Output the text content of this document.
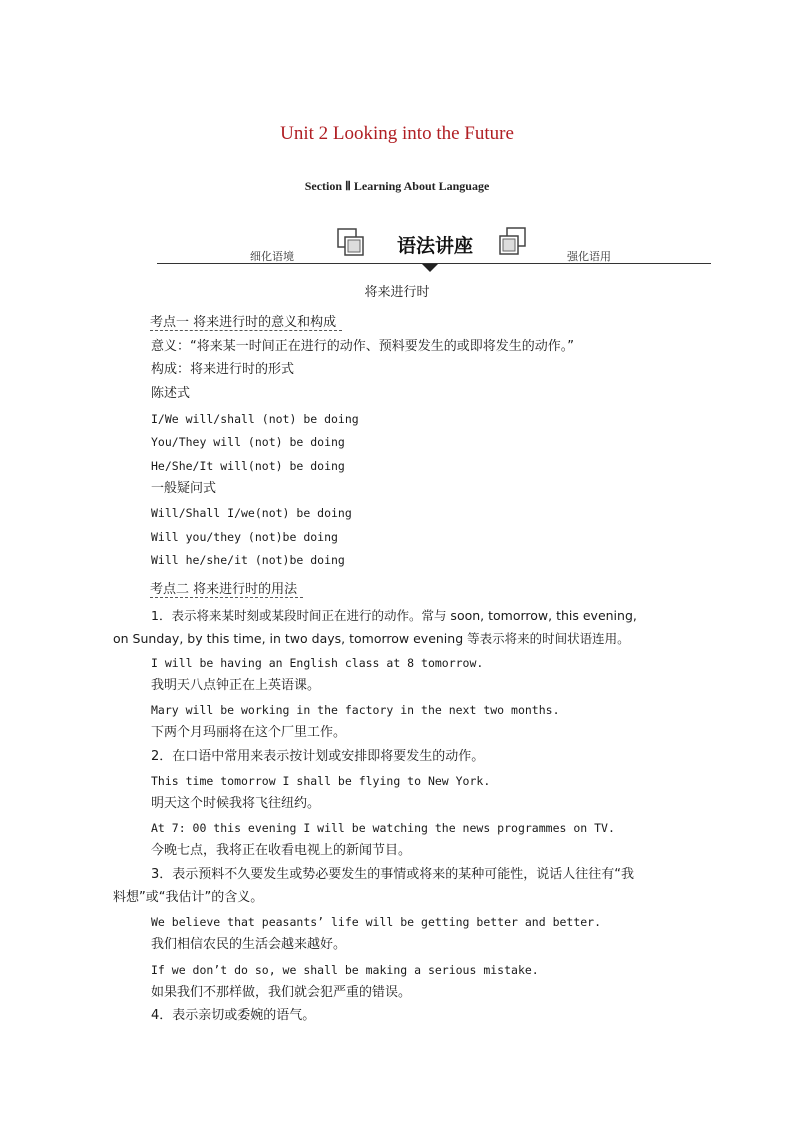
Unit 2 Looking into the Future
Section Ⅱ Learning About Language
细化语境	语法讲座	强化语用
将来进行时
考点一 将来进行时的意义和构成
意义：“将来某一时间正在进行的动作、预料要发生的或即将发生的动作。”
构成：将来进行时的形式
陈述式
I/We will/shall (not) be doing
You/They will (not) be doing
He/She/It will(not) be doing
一般疑问式
Will/Shall I/we(not) be doing
Will you/they (not)be doing
Will he/she/it (not)be doing
考点二 将来进行时的用法
1．表示将来某时刻或某段时间正在进行的动作。常与 soon, tomorrow, this evening,
on Sunday, by this time, in two days, tomorrow evening 等表示将来的时间状语连用。
I will be having an English class at 8 tomorrow.
我明天八点钟正在上英语课。
Mary will be working in the factory in the next two months.
下两个月玛丽将在这个厂里工作。
2．在口语中常用来表示按计划或安排即将要发生的动作。
This time tomorrow I shall be flying to New York.
明天这个时候我将飞往纽约。
At 7: 00 this evening I will be watching the news programmes on TV.
今晚七点，我将正在收看电视上的新闻节目。
3．表示预料不久要发生或势必要发生的事情或将来的某种可能性，说话人往往有“我
料想”或“我估计”的含义。
We believe that peasants’ life will be getting better and better.
我们相信农民的生活会越来越好。
If we don’t do so, we shall be making a serious mistake.
如果我们不那样做，我们就会犯严重的错误。
4．表示亲切或委婉的语气。
